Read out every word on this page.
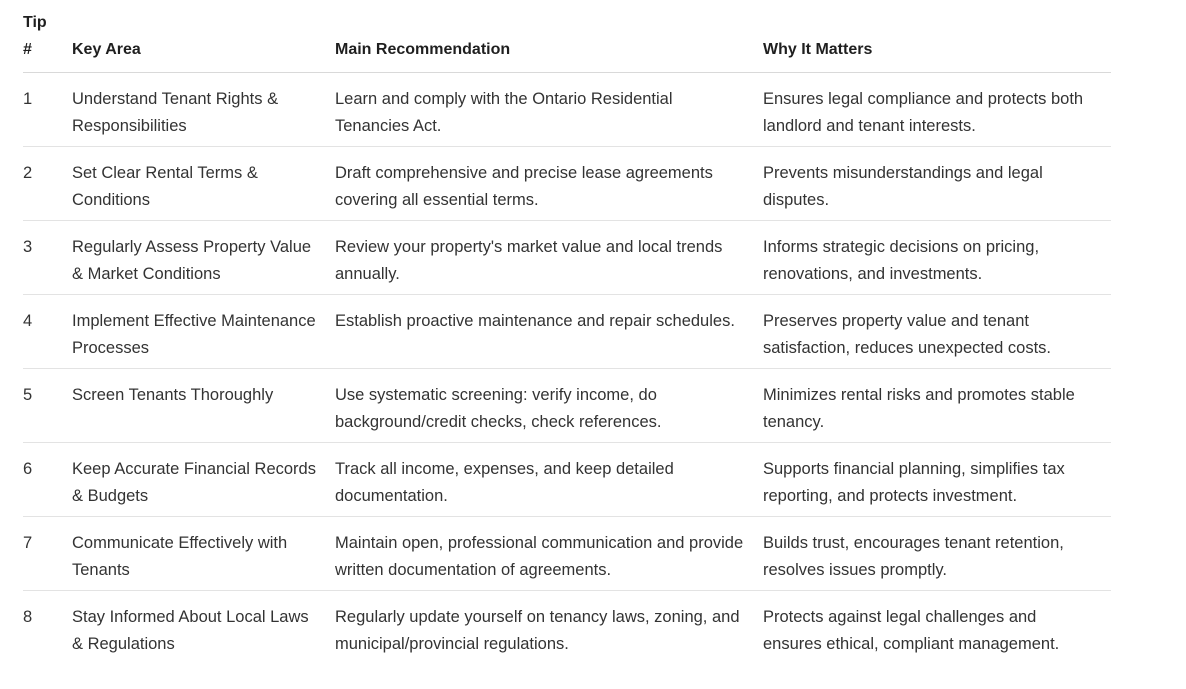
Tip #	Key Area	Main Recommendation	Why It Matters

1	Understand Tenant Rights & Responsibilities	Learn and comply with the Ontario Residential Tenancies Act.	Ensures legal compliance and protects both landlord and tenant interests.
2	Set Clear Rental Terms & Conditions	Draft comprehensive and precise lease agreements covering all essential terms.	Prevents misunderstandings and legal disputes.
3	Regularly Assess Property Value & Market Conditions	Review your property's market value and local trends annually.	Informs strategic decisions on pricing, renovations, and investments.
4	Implement Effective Maintenance Processes	Establish proactive maintenance and repair schedules.	Preserves property value and tenant satisfaction, reduces unexpected costs.
5	Screen Tenants Thoroughly	Use systematic screening: verify income, do background/credit checks, check references.	Minimizes rental risks and promotes stable tenancy.
6	Keep Accurate Financial Records & Budgets	Track all income, expenses, and keep detailed documentation.	Supports financial planning, simplifies tax reporting, and protects investment.
7	Communicate Effectively with Tenants	Maintain open, professional communication and provide written documentation of agreements.	Builds trust, encourages tenant retention, resolves issues promptly.
8	Stay Informed About Local Laws & Regulations	Regularly update yourself on tenancy laws, zoning, and municipal/provincial regulations.	Protects against legal challenges and ensures ethical, compliant management.
